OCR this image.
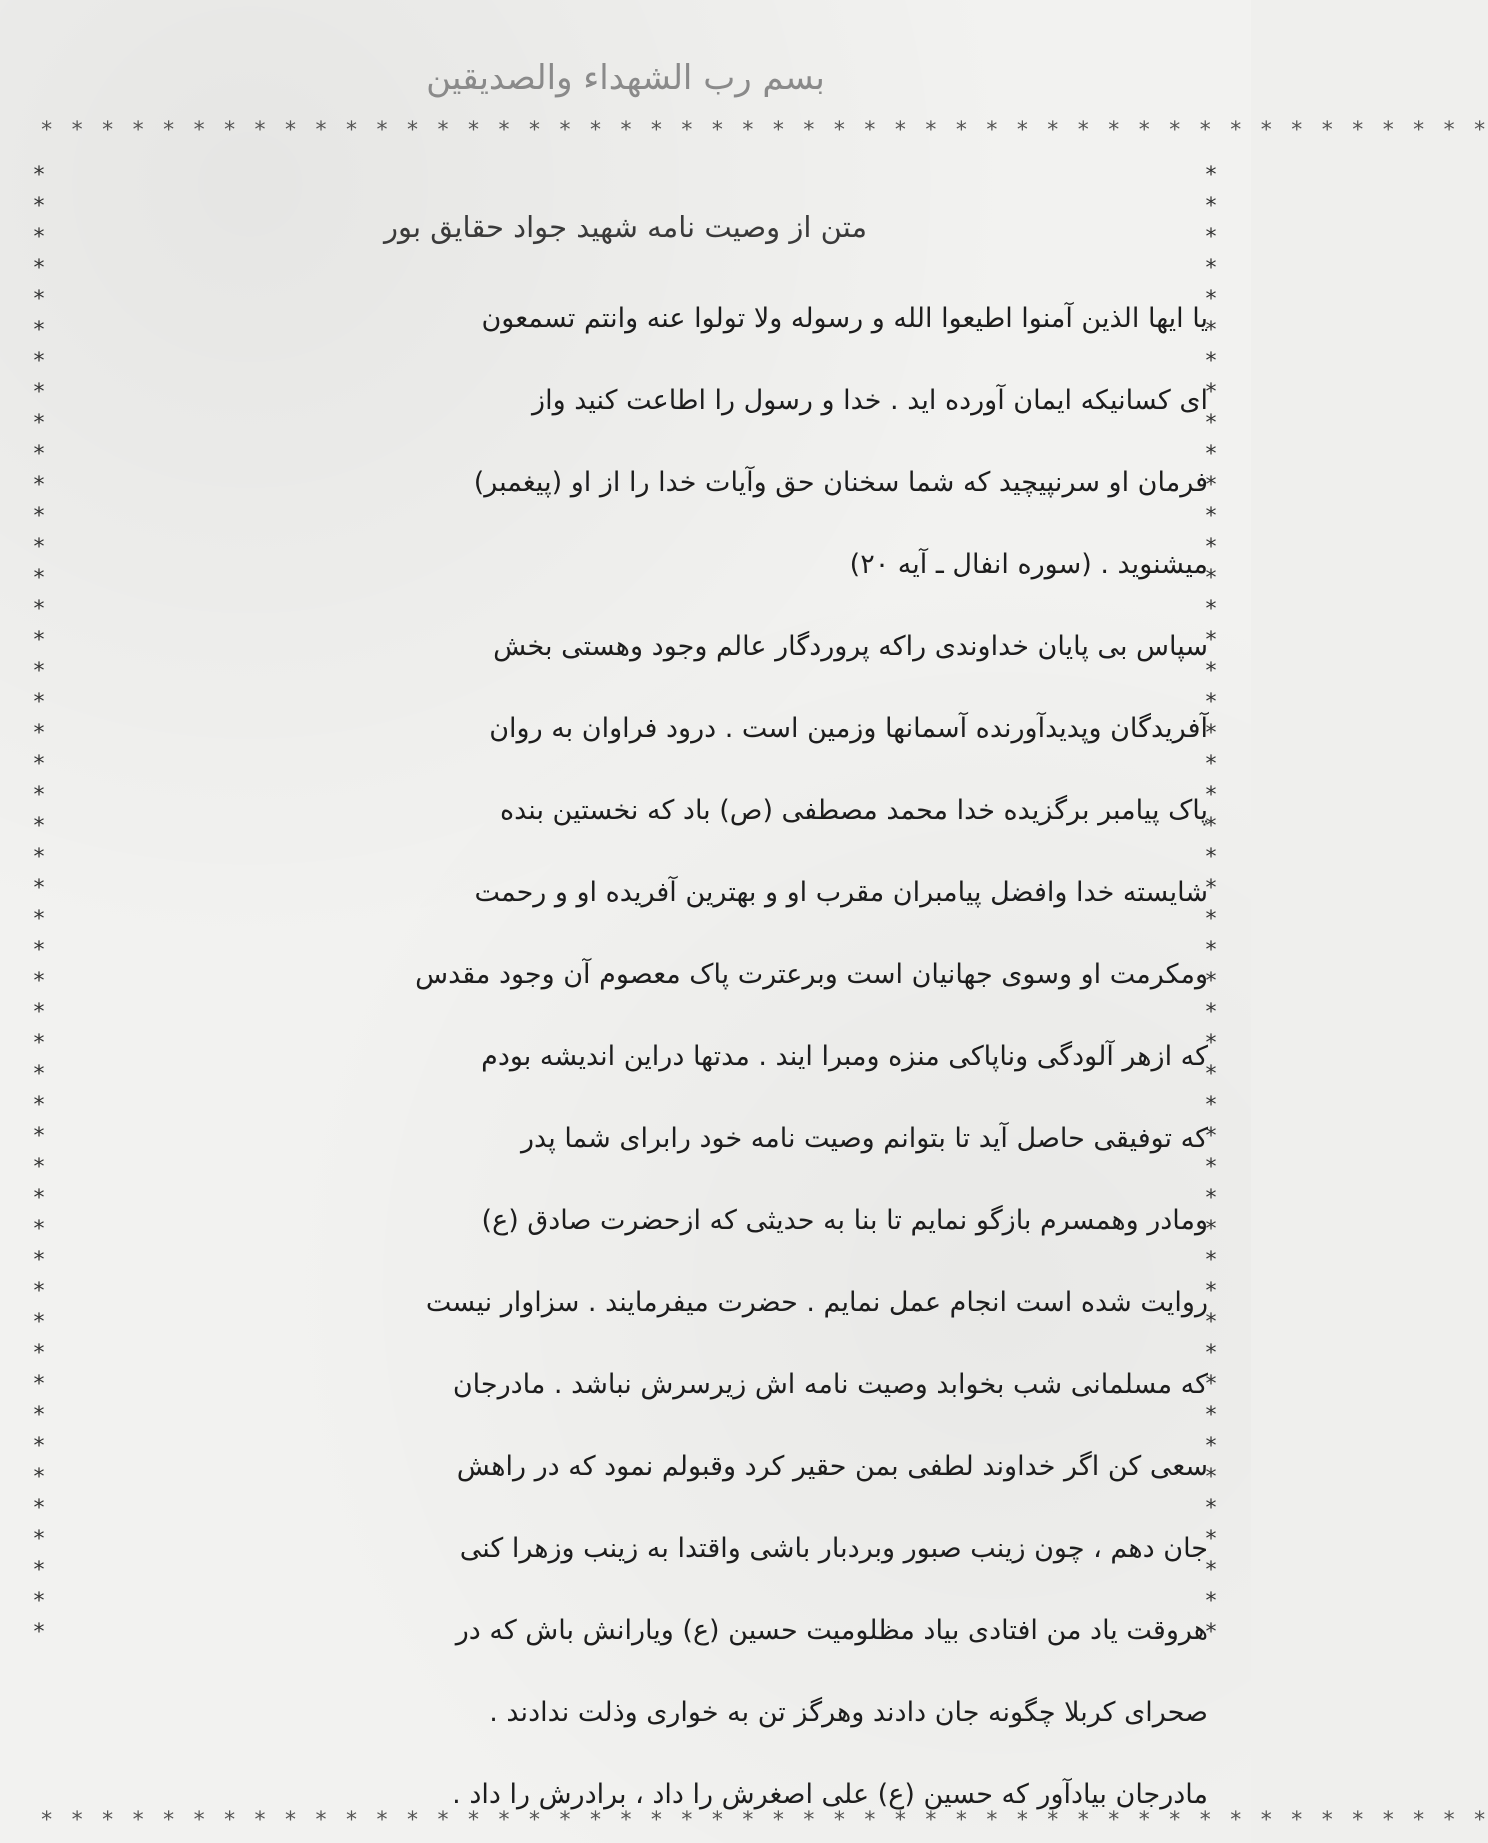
بسم رب الشهداء والصدیقین
* * * * * * * * * * * * * * * * * * * * * * * * * * * * * * * * * * * * * * * * * * * * * * * *
* * * * * * * * * * * * * * * * * * * * * * * * * * * * * * * * * * * * * * * * * * * * * * * *
* * * * * * * * * * * * * * * * * * * * * * * * * * * * * * * * * * * * * * * * * * * * * * * *
* * * * * * * * * * * * * * * * * * * * * * * * * * * * * * * * * * * * * * * * * * * * * * * *
متن از وصیت نامه شهید جواد حقایق بور
یا ایها الذین آمنوا اطیعوا الله و رسوله ولا تولوا عنه وانتم تسمعون
ای کسانیکه ایمان آورده اید . خدا و رسول را اطاعت کنید واز
فرمان او سرنپیچید که شما سخنان حق وآیات خدا را از او (پیغمبر)
میشنوید . (سوره انفال ـ آیه ۲۰)
سپاس بی پایان خداوندی راکه پروردگار عالم وجود وهستی بخش
آفریدگان وپدیدآورنده آسمانها وزمین است . درود فراوان به روان
پاک پیامبر برگزیده خدا محمد مصطفی (ص) باد که نخستین بنده
شایسته خدا وافضل پیامبران مقرب او و بهترین آفریده او و رحمت
ومکرمت او وسوی جهانیان است وبرعترت پاک معصوم آن وجود مقدس
که ازهر آلودگی وناپاکی منزه ومبرا ایند . مدتها دراین اندیشه بودم
که توفیقی حاصل آید تا بتوانم وصیت نامه خود رابرای شما پدر
ومادر وهمسرم بازگو نمایم تا بنا به حدیثی که ازحضرت صادق (ع)
روایت شده است انجام عمل نمایم . حضرت میفرمایند . سزاوار نیست
که مسلمانی شب بخوابد وصیت نامه اش زیرسرش نباشد . مادرجان
سعی کن اگر خداوند لطفی بمن حقیر کرد وقبولم نمود که در راهش
جان دهم ، چون زینب صبور وبردبار باشی واقتدا به زینب وزهرا کنی
هروقت یاد من افتادی بیاد مظلومیت حسین (ع) ویارانش باش که در
صحرای کربلا چگونه جان دادند وهرگز تن به خواری وذلت ندادند .
مادرجان بیادآور که حسین (ع) علی اصغرش را داد ، برادرش را داد .
